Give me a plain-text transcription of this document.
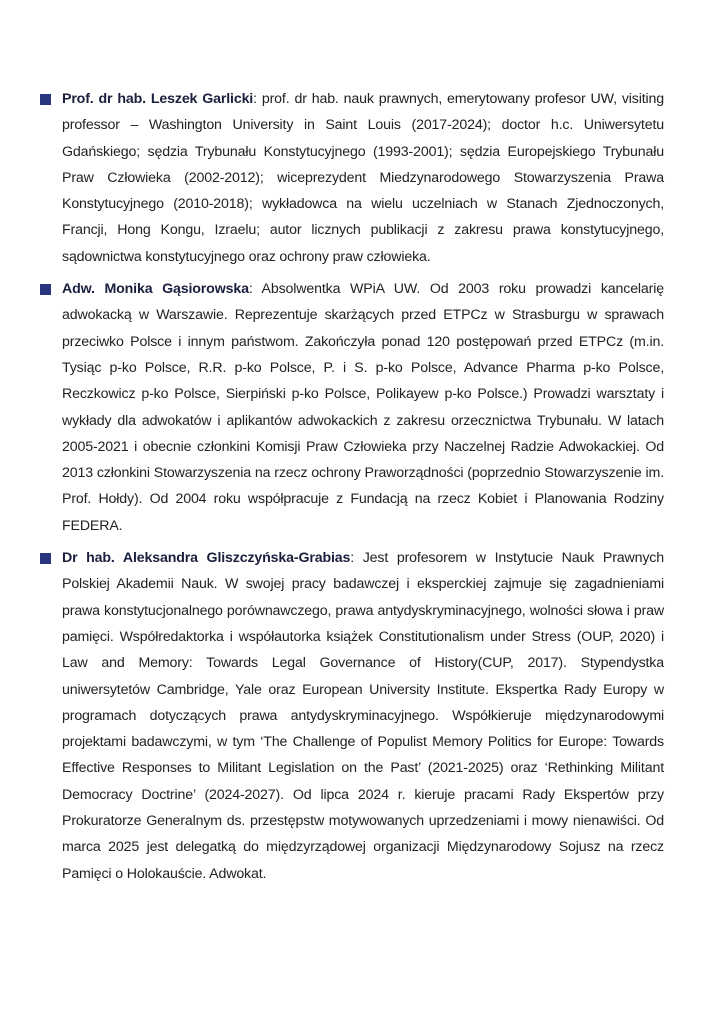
Prof. dr hab. Leszek Garlicki: prof. dr hab. nauk prawnych, emerytowany profesor UW, visiting professor – Washington University in Saint Louis (2017-2024); doctor h.c. Uniwersytetu Gdańskiego; sędzia Trybunału Konstytucyjnego (1993-2001); sędzia Europejskiego Trybunału Praw Człowieka (2002-2012); wiceprezydent Miedzynarodowego Stowarzyszenia Prawa Konstytucyjnego (2010-2018); wykładowca na wielu uczelniach w Stanach Zjednoczonych, Francji, Hong Kongu, Izraelu; autor licznych publikacji z zakresu prawa konstytucyjnego, sądownictwa konstytucyjnego oraz ochrony praw człowieka.

Adw. Monika Gąsiorowska: Absolwentka WPiA UW. Od 2003 roku prowadzi kancelarię adwokacką w Warszawie. Reprezentuje skarżących przed ETPCz w Strasburgu w sprawach przeciwko Polsce i innym państwom. Zakończyła ponad 120 postępowań przed ETPCz (m.in. Tysiąc p-ko Polsce, R.R. p-ko Polsce, P. i S. p-ko Polsce, Advance Pharma p-ko Polsce, Reczkowicz p-ko Polsce, Sierpiński p-ko Polsce, Polikayew p-ko Polsce.) Prowadzi warsztaty i wykłady dla adwokatów i aplikantów adwokackich z zakresu orzecznictwa Trybunału. W latach 2005-2021 i obecnie członkini Komisji Praw Człowieka przy Naczelnej Radzie Adwokackiej. Od 2013 członkini Stowarzyszenia na rzecz ochrony Praworządności (poprzednio Stowarzyszenie im. Prof. Hołdy). Od 2004 roku współpracuje z Fundacją na rzecz Kobiet i Planowania Rodziny FEDERA.

Dr hab. Aleksandra Gliszczyńska-Grabias: Jest profesorem w Instytucie Nauk Prawnych Polskiej Akademii Nauk. W swojej pracy badawczej i eksperckiej zajmuje się zagadnieniami prawa konstytucjonalnego porównawczego, prawa antydyskryminacyjnego, wolności słowa i praw pamięci. Współredaktorka i współautorka książek Constitutionalism under Stress (OUP, 2020) i Law and Memory: Towards Legal Governance of History(CUP, 2017). Stypendystka uniwersytetów Cambridge, Yale oraz European University Institute. Ekspertka Rady Europy w programach dotyczących prawa antydyskryminacyjnego. Współkieruje międzynarodowymi projektami badawczymi, w tym ‘The Challenge of Populist Memory Politics for Europe: Towards Effective Responses to Militant Legislation on the Past’ (2021-2025) oraz ‘Rethinking Militant Democracy Doctrine’ (2024-2027). Od lipca 2024 r. kieruje pracami Rady Ekspertów przy Prokuratorze Generalnym ds. przestępstw motywowanych uprzedzeniami i mowy nienawiści. Od marca 2025 jest delegatką do międzyrządowej organizacji Międzynarodowy Sojusz na rzecz Pamięci o Holokauście. Adwokat.
